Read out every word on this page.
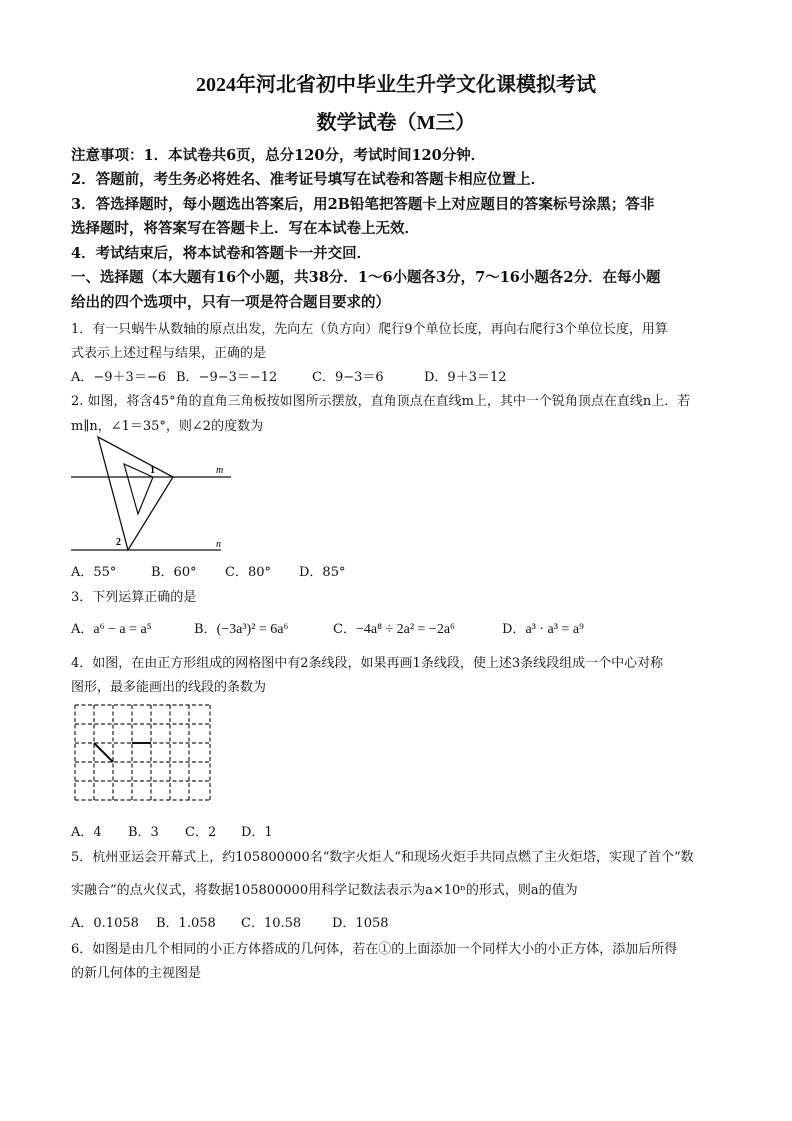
2024年河北省初中毕业生升学文化课模拟考试
数学试卷（M三）
注意事项：1．本试卷共6页，总分120分，考试时间120分钟．
2．答题前，考生务必将姓名、准考证号填写在试卷和答题卡相应位置上．
3．答选择题时，每小题选出答案后，用2B铅笔把答题卡上对应题目的答案标号涂黑；答非
选择题时，将答案写在答题卡上．写在本试卷上无效．
4．考试结束后，将本试卷和答题卡一并交回．
一、选择题（本大题有16个小题，共38分．1～6小题各3分，7～16小题各2分．在每小题
给出的四个选项中，只有一项是符合题目要求的）
1．有一只蜗牛从数轴的原点出发，先向左（负方向）爬行9个单位长度，再向右爬行3个单位长度，用算
式表示上述过程与结果，正确的是
A．−9＋3＝−6 B．−9−3＝−12	C．9−3＝6	D．9＋3＝12
2. 如图，将含45°角的直角三角板按如图所示摆放，直角顶点在直线m上，其中一个锐角顶点在直线n上．若
m∥n，∠1＝35°，则∠2的度数为
m
n
1
2
A．55°	B．60° C．80° D．85°
3．下列运算正确的是
A．a⁶ − a = a⁵	B．(−3a³)² = 6a⁶	C．−4a⁸ ÷ 2a² = −2a⁶	D．a³ · a³ = a⁹
4．如图，在由正方形组成的网格图中有2条线段，如果再画1条线段，使上述3条线段组成一个中心对称
图形，最多能画出的线段的条数为
A．4 B．3 C．2 D．1
5．杭州亚运会开幕式上，约105800000名“数字火炬人”和现场火炬手共同点燃了主火炬塔，实现了首个“数
实融合”的点火仪式，将数据105800000用科学记数法表示为a×10ⁿ的形式，则a的值为
A．0.1058 B．1.058 C．10.58 D．1058
6．如图是由几个相同的小正方体搭成的几何体，若在①的上面添加一个同样大小的小正方体，添加后所得
的新几何体的主视图是
